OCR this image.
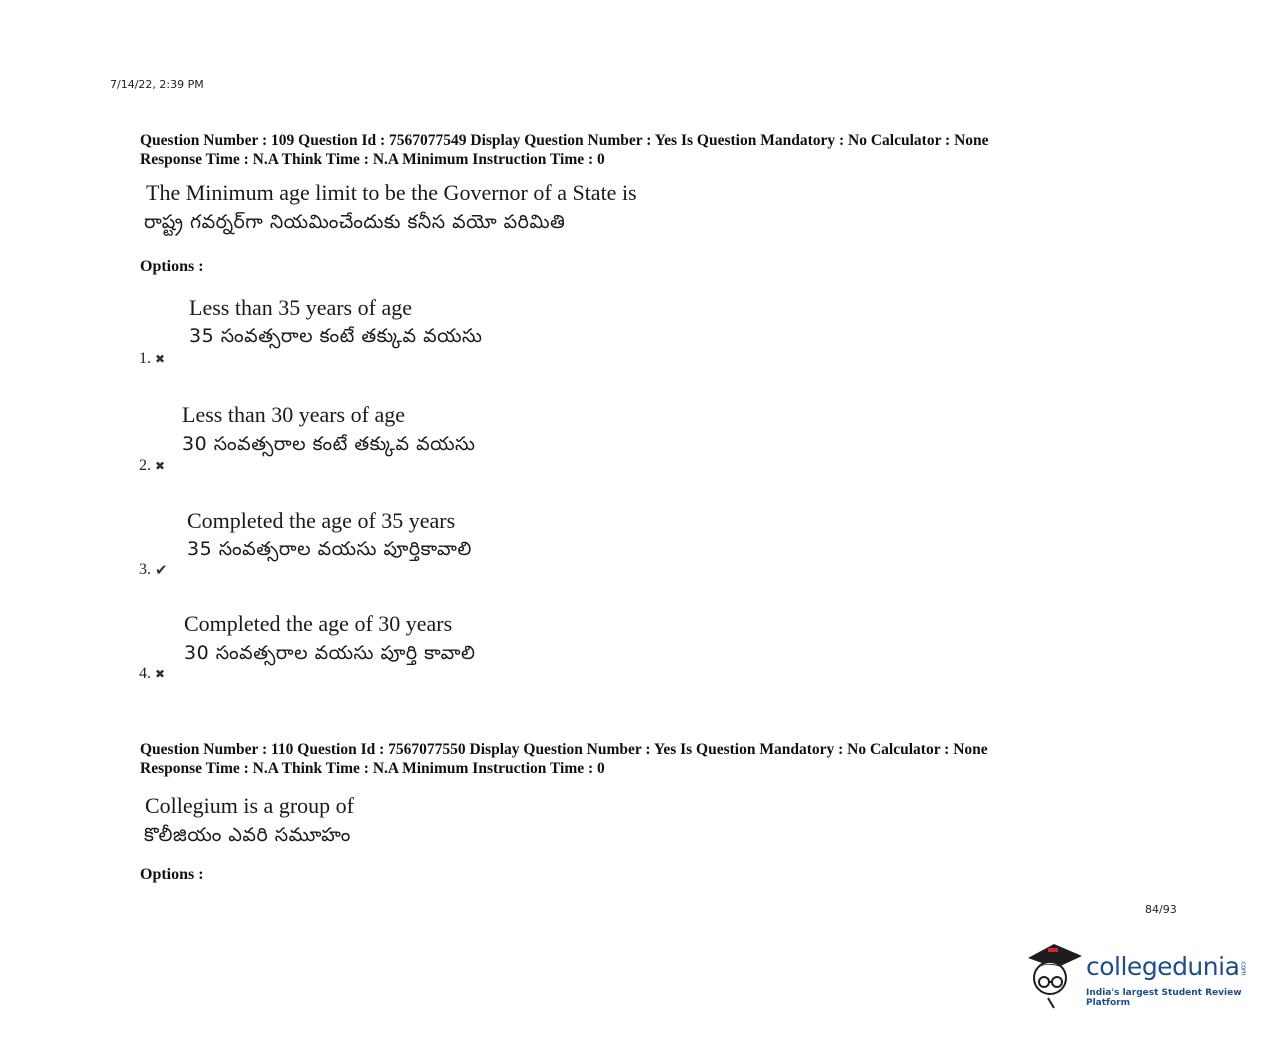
7/14/22, 2:39 PM
Question Number : 109 Question Id : 7567077549 Display Question Number : Yes Is Question Mandatory : No Calculator : None
Response Time : N.A Think Time : N.A Minimum Instruction Time : 0
The Minimum age limit to be the Governor of a State is
రాష్ట్ర గవర్నర్‌గా నియమించేందుకు కనీస వయో పరిమితి
Options :
Less than 35 years of age
35 సంవత్సరాల కంటే తక్కువ వయసు
1. ✖
Less than 30 years of age
30 సంవత్సరాల కంటే తక్కువ వయసు
2. ✖
Completed the age of 35 years
35 సంవత్సరాల వయసు పూర్తికావాలి
3. ✔
Completed the age of 30 years
30 సంవత్సరాల వయసు పూర్తి కావాలి
4. ✖
Question Number : 110 Question Id : 7567077550 Display Question Number : Yes Is Question Mandatory : No Calculator : None
Response Time : N.A Think Time : N.A Minimum Instruction Time : 0
Collegium is a group of
కొలీజియం ఎవరి సమూహం
Options :
84/93
collegedunia.com
India's largest Student Review Platform
